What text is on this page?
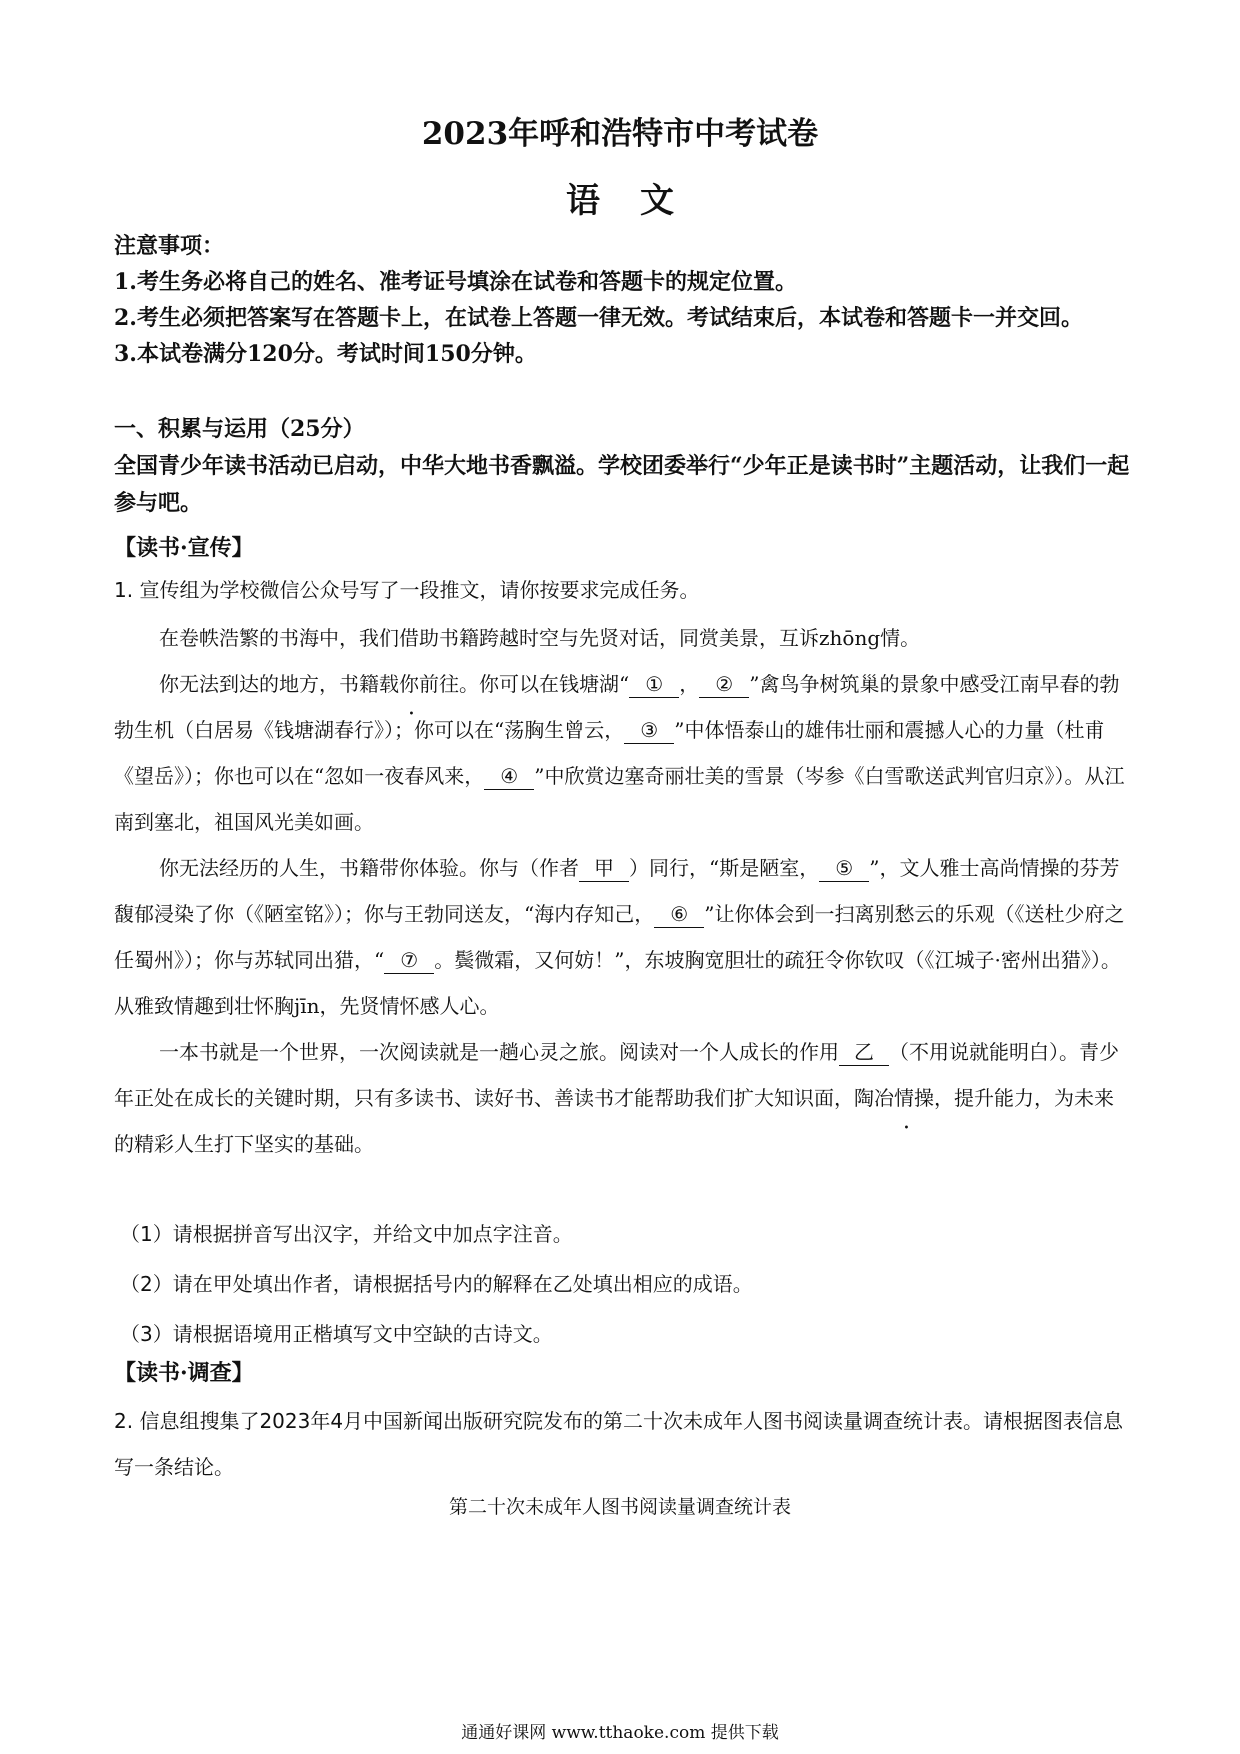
2023年呼和浩特市中考试卷
语文

注意事项：

1.考生务必将自己的姓名、准考证号填涂在试卷和答题卡的规定位置。

2.考生必须把答案写在答题卡上，在试卷上答题一律无效。考试结束后，本试卷和答题卡一并交回。

3.本试卷满分120分。考试时间150分钟。

一、积累与运用（25分）
全国青少年读书活动已启动，中华大地书香飘溢。学校团委举行“少年正是读书时”主题活动，让我们一起参与吧。
【读书·宣传】
1. 宣传组为学校微信公众号写了一段推文，请你按要求完成任务。

在卷帙浩繁的书海中，我们借助书籍跨越时空与先贤对话，同赏美景，互诉zhōng情。

你无法到达的地方，书籍载你前往。你可以在钱塘湖“ ① ， ② ”禽鸟争树筑巢的景象中感受江南早春的勃勃生机（白居易《钱塘湖春行》）；你可以在“荡胸生曾云， ③ ”中体悟泰山的雄伟壮丽和震撼人心的力量（杜甫《望岳》）；你也可以在“忽如一夜春风来， ④ ”中欣赏边塞奇丽壮美的雪景（岑参《白雪歌送武判官归京》）。从江南到塞北，祖国风光美如画。

你无法经历的人生，书籍带你体验。你与（作者 甲 ）同行，“斯是陋室， ⑤ ”，文人雅士高尚情操的芬芳馥郁浸染了你（《陋室铭》）；你与王勃同送友，“海内存知己， ⑥ ”让你体会到一扫离别愁云的乐观（《送杜少府之任蜀州》）；你与苏轼同出猎，“ ⑦ 。鬓微霜，又何妨！”，东坡胸宽胆壮的疏狂令你钦叹（《江城子·密州出猎》）。从雅致情趣到壮怀胸jīn，先贤情怀感人心。

一本书就是一个世界，一次阅读就是一趟心灵之旅。阅读对一个人成长的作用 乙 （不用说就能明白）。青少年正处在成长的关键时期，只有多读书、读好书、善读书才能帮助我们扩大知识面，陶冶情操，提升能力，为未来的精彩人生打下坚实的基础。

（1）请根据拼音写出汉字，并给文中加点字注音。
（2）请在甲处填出作者，请根据括号内的解释在乙处填出相应的成语。
（3）请根据语境用正楷填写文中空缺的古诗文。
【读书·调查】
2. 信息组搜集了2023年4月中国新闻出版研究院发布的第二十次未成年人图书阅读量调查统计表。请根据图表信息写一条结论。
第二十次未成年人图书阅读量调查统计表
通通好课网 www.tthaoke.com 提供下载
